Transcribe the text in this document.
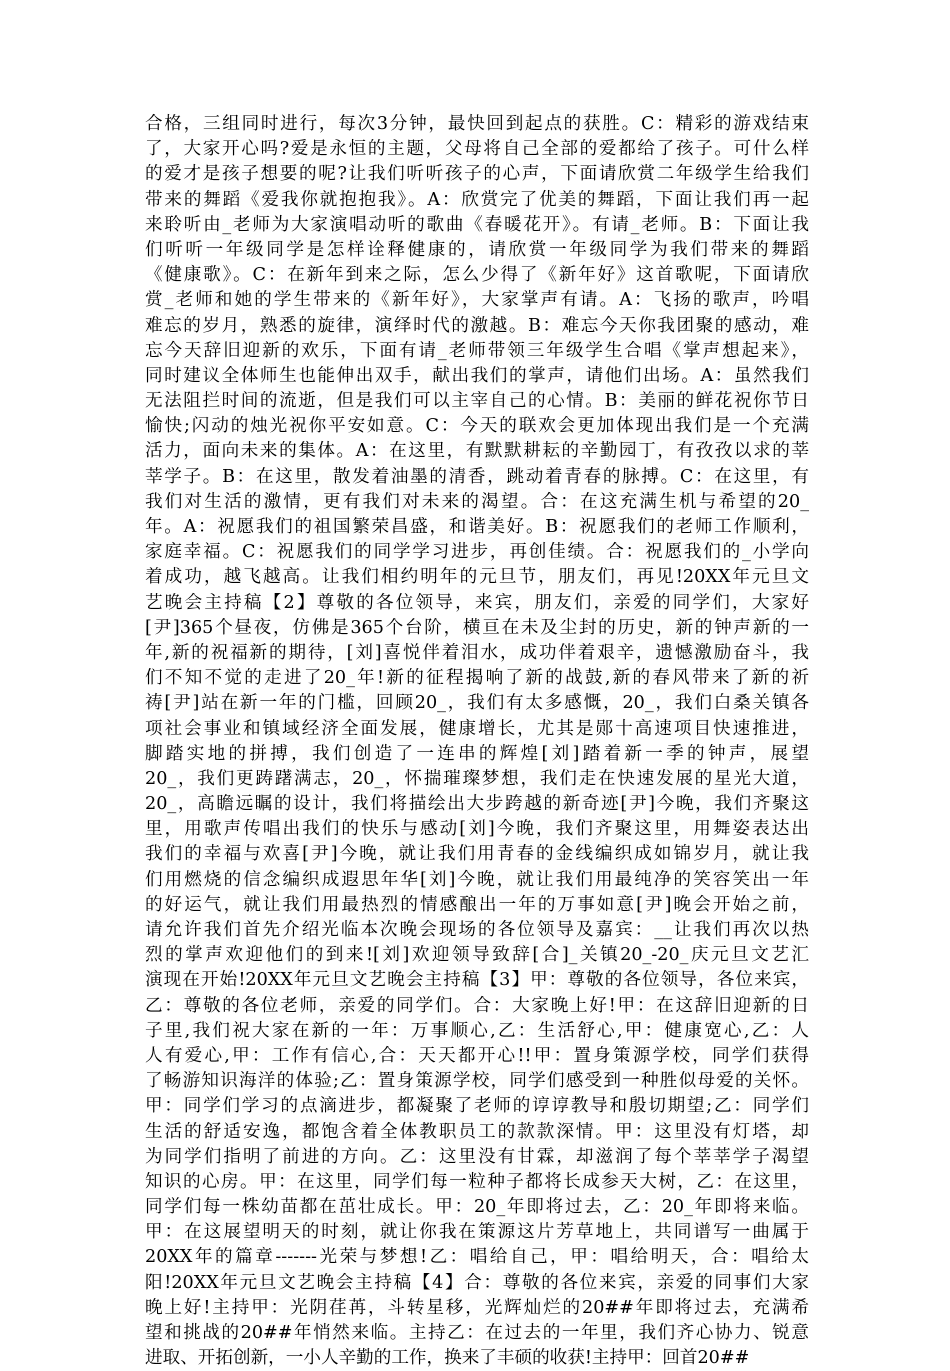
合格，三组同时进行，每次3分钟，最快回到起点的获胜。C：精彩的游戏结束
了，大家开心吗?爱是永恒的主题，父母将自己全部的爱都给了孩子。可什么样
的爱才是孩子想要的呢?让我们听听孩子的心声，下面请欣赏二年级学生给我们
带来的舞蹈《爱我你就抱抱我》。A：欣赏完了优美的舞蹈，下面让我们再一起
来聆听由_老师为大家演唱动听的歌曲《春暖花开》。有请_老师。B：下面让我
们听听一年级同学是怎样诠释健康的，请欣赏一年级同学为我们带来的舞蹈
《健康歌》。C：在新年到来之际，怎么少得了《新年好》这首歌呢，下面请欣
赏_老师和她的学生带来的《新年好》，大家掌声有请。A：飞扬的歌声，吟唱
难忘的岁月，熟悉的旋律，演绎时代的激越。B：难忘今天你我团聚的感动，难
忘今天辞旧迎新的欢乐，下面有请_老师带领三年级学生合唱《掌声想起来》，
同时建议全体师生也能伸出双手，献出我们的掌声，请他们出场。A：虽然我们
无法阻拦时间的流逝，但是我们可以主宰自己的心情。B：美丽的鲜花祝你节日
愉快;闪动的烛光祝你平安如意。C：今天的联欢会更加体现出我们是一个充满
活力，面向未来的集体。A：在这里，有默默耕耘的辛勤园丁，有孜孜以求的莘
莘学子。B：在这里，散发着油墨的清香，跳动着青春的脉搏。C：在这里，有
我们对生活的激情，更有我们对未来的渴望。合：在这充满生机与希望的20_
年。A：祝愿我们的祖国繁荣昌盛，和谐美好。B：祝愿我们的老师工作顺利，
家庭幸福。C：祝愿我们的同学学习进步，再创佳绩。合：祝愿我们的_小学向
着成功，越飞越高。让我们相约明年的元旦节，朋友们，再见!20XX年元旦文
艺晚会主持稿【2】尊敬的各位领导，来宾，朋友们，亲爱的同学们，大家好
[尹]365个昼夜，仿佛是365个台阶，横亘在未及尘封的历史，新的钟声新的一
年,新的祝福新的期待，[刘]喜悦伴着泪水，成功伴着艰辛，遗憾激励奋斗，我
们不知不觉的走进了20_年!新的征程揭响了新的战鼓,新的春风带来了新的祈
祷[尹]站在新一年的门槛，回顾20_，我们有太多感慨，20_，我们白桑关镇各
项社会事业和镇域经济全面发展，健康增长，尤其是郧十高速项目快速推进，
脚踏实地的拼搏，我们创造了一连串的辉煌[刘]踏着新一季的钟声，展望
20_，我们更踌躇满志，20_，怀揣璀璨梦想，我们走在快速发展的星光大道，
20_，高瞻远瞩的设计，我们将描绘出大步跨越的新奇迹[尹]今晚，我们齐聚这
里，用歌声传唱出我们的快乐与感动[刘]今晚，我们齐聚这里，用舞姿表达出
我们的幸福与欢喜[尹]今晚，就让我们用青春的金线编织成如锦岁月，就让我
们用燃烧的信念编织成遐思年华[刘]今晚，就让我们用最纯净的笑容笑出一年
的好运气，就让我们用最热烈的情感酿出一年的万事如意[尹]晚会开始之前，
请允许我们首先介绍光临本次晚会现场的各位领导及嘉宾：__让我们再次以热
烈的掌声欢迎他们的到来![刘]欢迎领导致辞[合]_关镇20_-20_庆元旦文艺汇
演现在开始!20XX年元旦文艺晚会主持稿【3】甲：尊敬的各位领导，各位来宾，
乙：尊敬的各位老师，亲爱的同学们。合：大家晚上好!甲：在这辞旧迎新的日
子里,我们祝大家在新的一年：万事顺心,乙：生活舒心,甲：健康宽心,乙：人
人有爱心,甲：工作有信心,合：天天都开心!!甲：置身策源学校，同学们获得
了畅游知识海洋的体验;乙：置身策源学校，同学们感受到一种胜似母爱的关怀。
甲：同学们学习的点滴进步，都凝聚了老师的谆谆教导和殷切期望;乙：同学们
生活的舒适安逸，都饱含着全体教职员工的款款深情。甲：这里没有灯塔，却
为同学们指明了前进的方向。乙：这里没有甘霖，却滋润了每个莘莘学子渴望
知识的心房。甲：在这里，同学们每一粒种子都将长成参天大树，乙：在这里，
同学们每一株幼苗都在茁壮成长。甲：20_年即将过去，乙：20_年即将来临。
甲：在这展望明天的时刻，就让你我在策源这片芳草地上，共同谱写一曲属于
20XX年的篇章-------光荣与梦想!乙：唱给自己，甲：唱给明天，合：唱给太
阳!20XX年元旦文艺晚会主持稿【4】合：尊敬的各位来宾，亲爱的同事们大家
晚上好!主持甲：光阴荏苒，斗转星移，光辉灿烂的20##年即将过去，充满希
望和挑战的20##年悄然来临。主持乙：在过去的一年里，我们齐心协力、锐意
进取、开拓创新，一小人辛勤的工作，换来了丰硕的收获!主持甲：回首20##
